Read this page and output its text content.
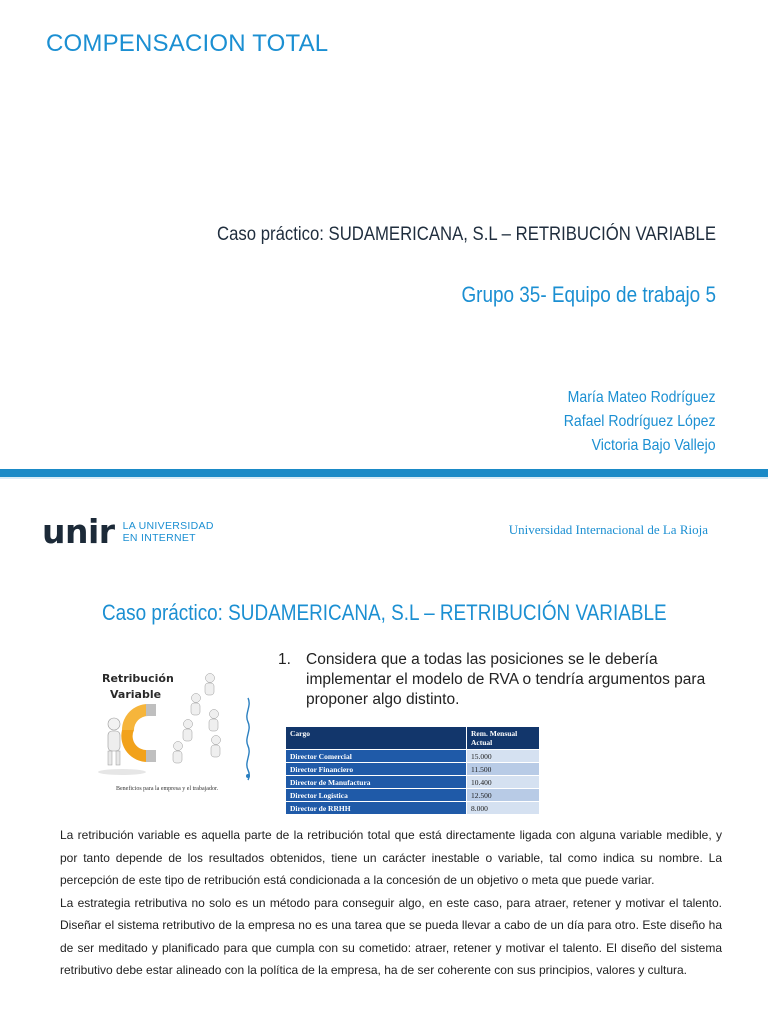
COMPENSACION TOTAL
Caso práctico: SUDAMERICANA, S.L – RETRIBUCIÓN VARIABLE
Grupo 35- Equipo de trabajo 5
María Mateo Rodríguez
Rafael Rodríguez López
Victoria Bajo Vallejo
unir LA UNIVERSIDAD
EN INTERNET
Universidad Internacional de La Rioja
Caso práctico: SUDAMERICANA, S.L – RETRIBUCIÓN VARIABLE
Retribución
Variable
Beneficios para la empresa y el trabajador.
1. Considera que a todas las posiciones se le debería implementar el modelo de RVA o tendría argumentos para proponer algo distinto.
Cargo	Rem. Mensual Actual
Director Comercial	15.000
Director Financiero	11.500
Director de Manufactura	10.400
Director Logística	12.500
Director de RRHH	8.000

La retribución variable es aquella parte de la retribución total que está directamente ligada con alguna variable medible, y por tanto depende de los resultados obtenidos, tiene un carácter inestable o variable, tal como indica su nombre. La percepción de este tipo de retribución está condicionada a la concesión de un objetivo o meta que puede variar.

La estrategia retributiva no solo es un método para conseguir algo, en este caso, para atraer, retener y motivar el talento. Diseñar el sistema retributivo de la empresa no es una tarea que se pueda llevar a cabo de un día para otro. Este diseño ha de ser meditado y planificado para que cumpla con su cometido: atraer, retener y motivar el talento. El diseño del sistema retributivo debe estar alineado con la política de la empresa, ha de ser coherente con sus principios, valores y cultura.
